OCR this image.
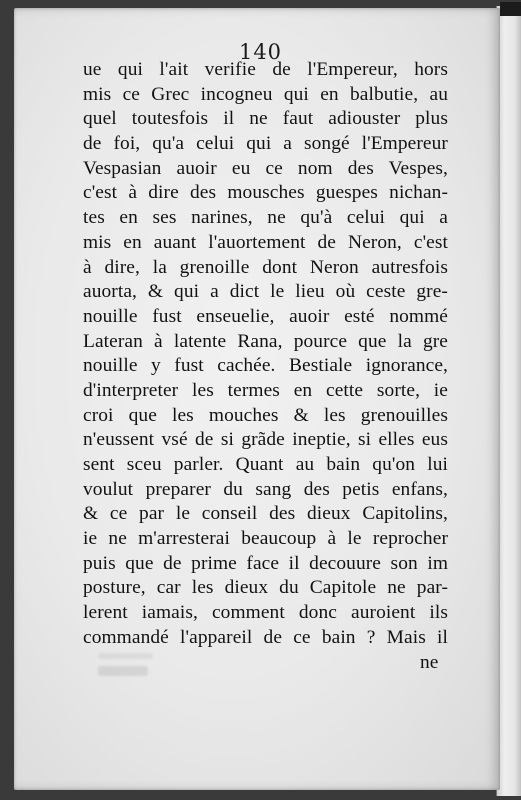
140
ue qui l'ait verifie de l'Empereur, hors
mis ce Grec incogneu qui en balbutie, au
quel toutesfois il ne faut adiouster plus
de foi, qu'a celui qui a songé l'Empereur
Vespasian auoir eu ce nom des Vespes,
c'est à dire des mousches guespes nichan-
tes en ses narines, ne qu'à celui qui a
mis en auant l'auortement de Neron, c'est
à dire, la grenoille dont Neron autresfois
auorta, & qui a dict le lieu où ceste gre-
nouille fust enseuelie, auoir esté nommé
Lateran à latente Rana, pource que la gre
nouille y fust cachée. Bestiale ignorance,
d'interpreter les termes en cette sorte, ie
croi que les mouches & les grenouilles
n'eussent vsé de si grãde ineptie, si elles eus
sent sceu parler. Quant au bain qu'on lui
voulut preparer du sang des petis enfans,
& ce par le conseil des dieux Capitolins,
ie ne m'arresterai beaucoup à le reprocher
puis que de prime face il decouure son im
posture, car les dieux du Capitole ne par-
lerent iamais, comment donc auroient ils
commandé l'appareil de ce bain ? Mais il
ne
